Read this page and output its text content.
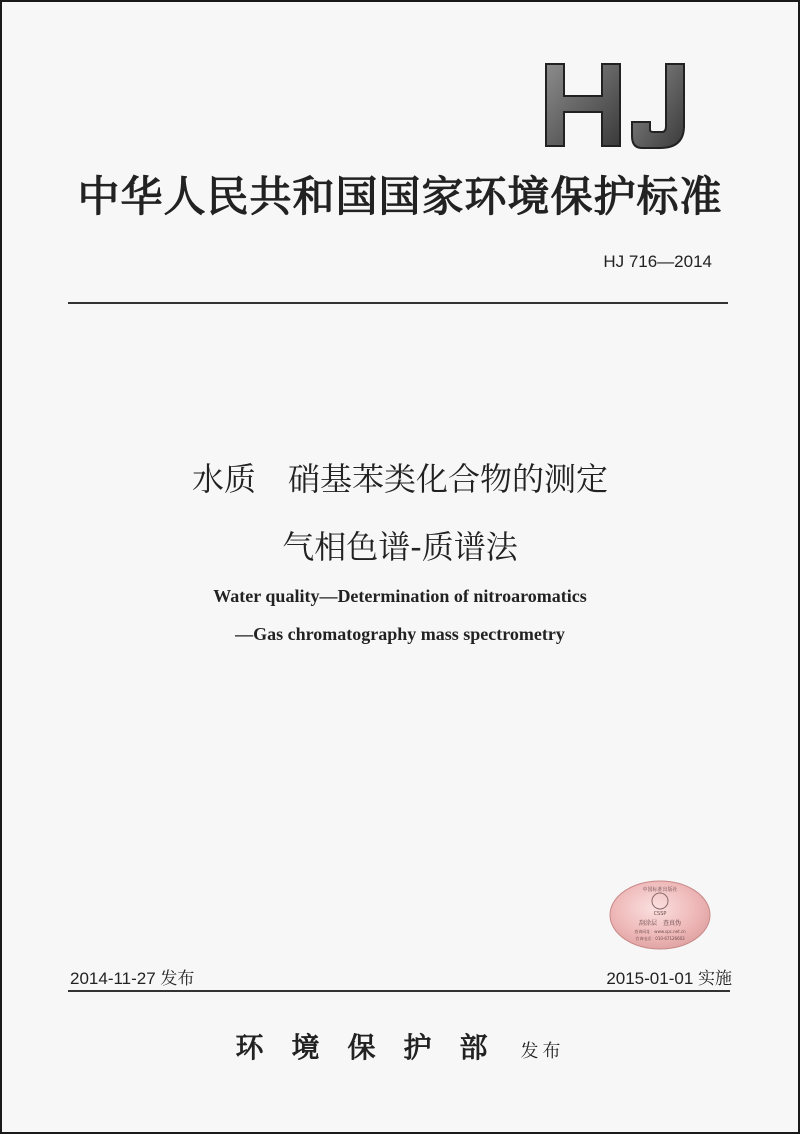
中华人民共和国国家环境保护标准
HJ 716—2014
水质　硝基苯类化合物的测定
气相色谱-质谱法
Water quality—Determination of nitroaromatics
—Gas chromatography mass spectrometry
中国标准出版社
CSSP
刮涂层　查真伪
查询网址：www.spc.net.cn
咨询电话：010-67126603
2014-11-27 发布	2015-01-01 实施
环境保护部 发布
